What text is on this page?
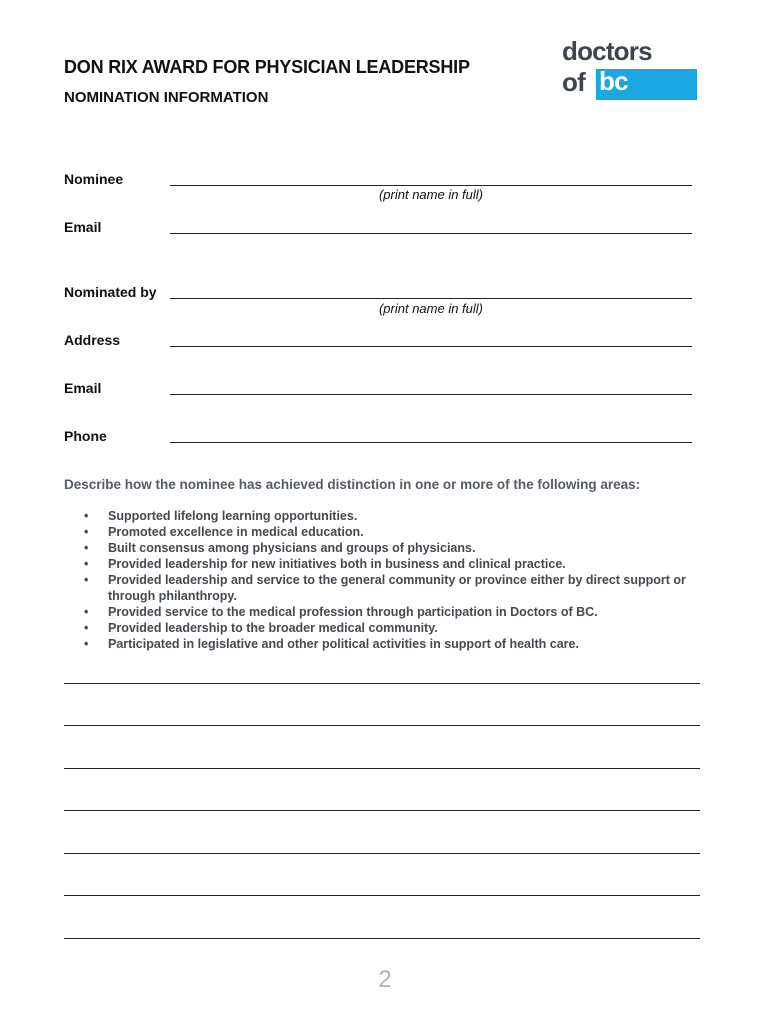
DON RIX AWARD FOR PHYSICIAN LEADERSHIP
NOMINATION INFORMATION
doctors
of bc
Nominee
(print name in full)
Email
Nominated by
(print name in full)
Address
Email
Phone
Describe how the nominee has achieved distinction in one or more of the following areas:
• Supported lifelong learning opportunities.
• Promoted excellence in medical education.
• Built consensus among physicians and groups of physicians.
• Provided leadership for new initiatives both in business and clinical practice.
• Provided leadership and service to the general community or province either by direct support or through philanthropy.
• Provided service to the medical profession through participation in Doctors of BC.
• Provided leadership to the broader medical community.
• Participated in legislative and other political activities in support of health care.
2
